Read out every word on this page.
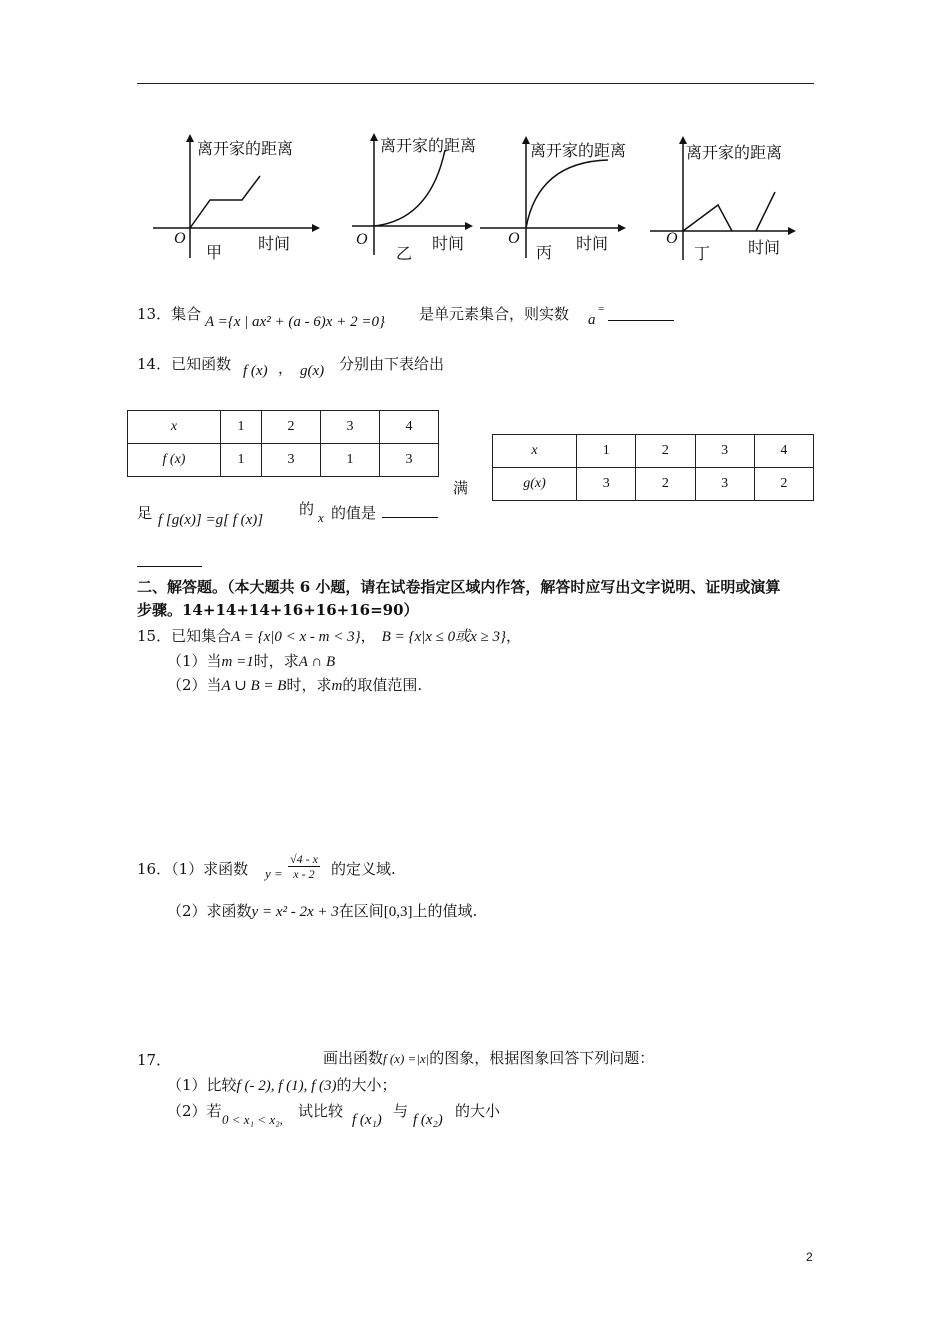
离开家的距离
O
甲 时间
离开家的距离
O
乙
时间
离开家的距离
O
丙 时间
离开家的距离
O
丁 时间
13．集合 A ={x | ax² + (a - 6)x + 2 =0} 是单元素集合，则实数 a
=
14．已知函数 f (x) ， g(x) 分别由下表给出
x	1	2	3	4
f (x)	1	3	1	3
满
x	1	2	3	4
g(x)	3	2	3	2
足 f [g(x)] =g[ f (x)]
的 x 的值是
二、解答题。（本大题共 6 小题，请在试卷指定区域内作答，解答时应写出文字说明、证明或演算
步骤。14+14+14+16+16+16=90）
15．已知集合A = {x|0 < x - m < 3}， B = {x|x ≤ 0或x ≥ 3}，
（1）当m =1时，求A ∩ B
（2）当A ∪ B = B时，求m的取值范围.
16．（1）求函数 $y = \frac{√4 - x}{x - 2}$ 的定义域.
（2）求函数y = x² - 2x + 3在区间[0,3]上的值域.
17．	画出函数f (x) =|x|的图象，根据图象回答下列问题：
（1）比较f (- 2), f (1), f (3)的大小；
（2）若 0 < x₁ < x₂, 试比较 f (x₁) 与 f (x₂) 的大小
2
